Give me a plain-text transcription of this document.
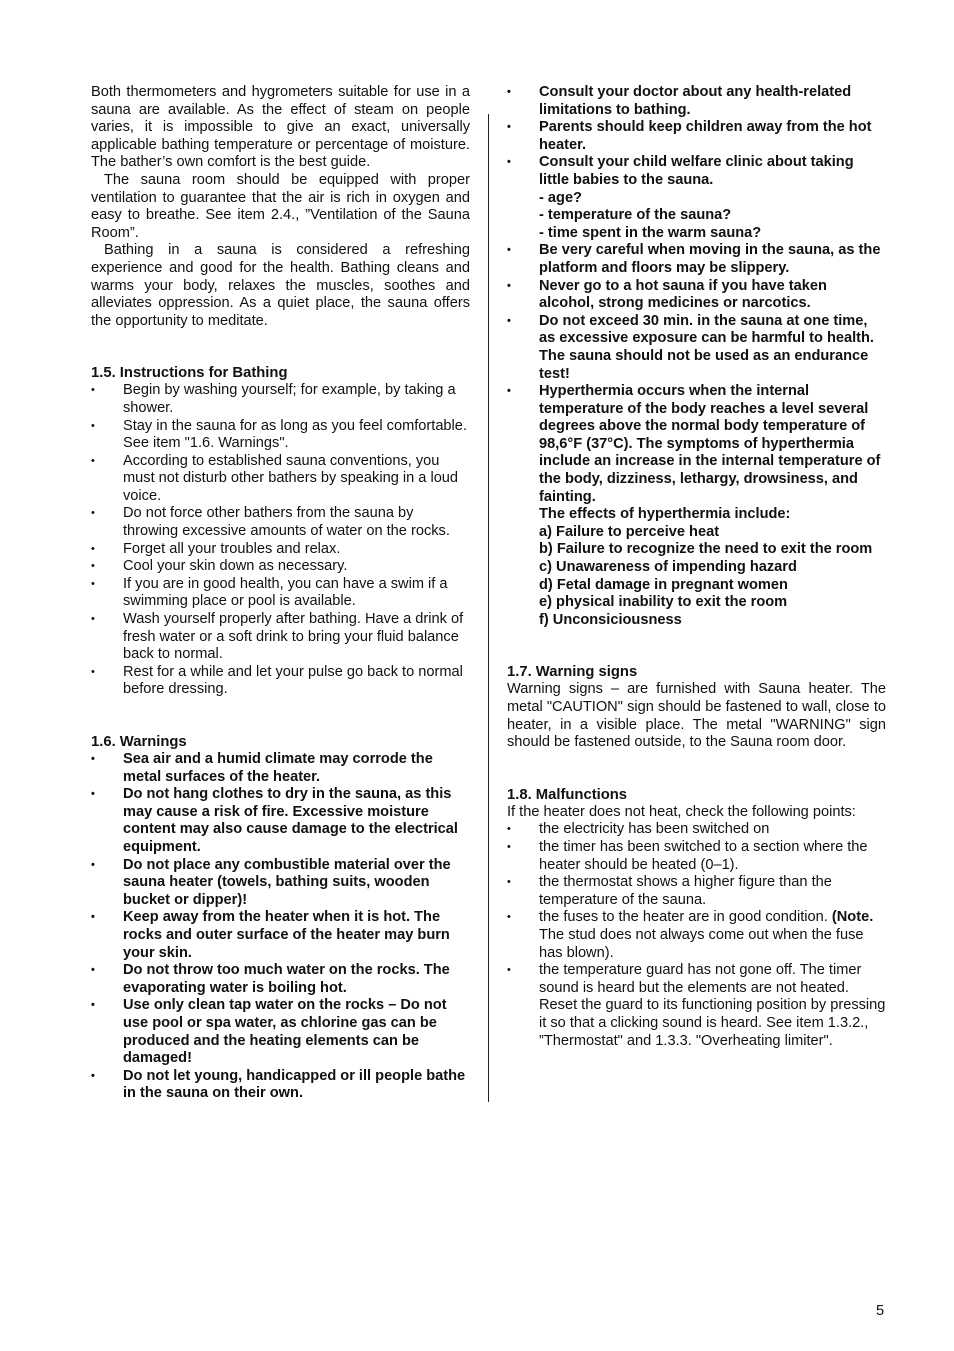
Both thermometers and hygrometers suitable for use in a sauna are available. As the effect of steam on people varies, it is impossible to give an exact, universally applicable bathing temperature or percentage of moisture. The bather’s own comfort is the best guide.

The sauna room should be equipped with proper ventilation to guarantee that the air is rich in oxygen and easy to breathe. See item 2.4., ”Ventilation of the Sauna Room”.

Bathing in a sauna is considered a refreshing experience and good for the health. Bathing cleans and warms your body, relaxes the muscles, soothes and alleviates oppression. As a quiet place, the sauna offers the opportunity to meditate.

1.5. Instructions for Bathing
• Begin by washing yourself; for example, by taking a shower.
• Stay in the sauna for as long as you feel comfortable. See item "1.6. Warnings".
• According to established sauna conventions, you must not disturb other bathers by speaking in a loud voice.
• Do not force other bathers from the sauna by throwing excessive amounts of water on the rocks.
• Forget all your troubles and relax.
• Cool your skin down as necessary.
• If you are in good health, you can have a swim if a swimming place or pool is available.
• Wash yourself properly after bathing. Have a drink of fresh water or a soft drink to bring your fluid balance back to normal.
• Rest for a while and let your pulse go back to normal before dressing.
1.6. Warnings
• Sea air and a humid climate may corrode the metal surfaces of the heater.
• Do not hang clothes to dry in the sauna, as this may cause a risk of fire. Excessive moisture content may also cause damage to the electrical equipment.
• Do not place any combustible material over the sauna heater (towels, bathing suits, wooden bucket or dipper)!
• Keep away from the heater when it is hot. The rocks and outer surface of the heater may burn your skin.
• Do not throw too much water on the rocks. The evaporating water is boiling hot.
• Use only clean tap water on the rocks – Do not use pool or spa water, as chlorine gas can be produced and the heating elements can be damaged!
• Do not let young, handicapped or ill people bathe in the sauna on their own.
• Consult your doctor about any health-related limitations to bathing.
• Parents should keep children away from the hot heater.
• Consult your child welfare clinic about taking little babies to the sauna.
- age?
- temperature of the sauna?
- time spent in the warm sauna?
• Be very careful when moving in the sauna, as the platform and floors may be slippery.
• Never go to a hot sauna if you have taken alcohol, strong medicines or narcotics.
• Do not exceed 30 min. in the sauna at one time, as excessive exposure can be harmful to health. The sauna should not be used as an endurance test!
• Hyperthermia occurs when the internal temperature of the body reaches a level several degrees above the normal body temperature of 98,6°F (37°C). The symptoms of hyperthermia include an increase in the internal temperature of the body, dizziness, lethargy, drowsiness, and fainting.
The effects of hyperthermia include:
a) Failure to perceive heat
b) Failure to recognize the need to exit the room
c) Unawareness of impending hazard
d) Fetal damage in pregnant women
e) physical inability to exit the room
f) Unconsiciousness
1.7. Warning signs

Warning signs – are furnished with Sauna heater. The metal "CAUTION" sign should be fastened to wall, close to heater, in a visible place. The metal "WARNING" sign should be fastened outside, to the Sauna room door.

1.8. Malfunctions

If the heater does not heat, check the following points:

• the electricity has been switched on
• the timer has been switched to a section where the heater should be heated (0–1).
• the thermostat shows a higher figure than the temperature of the sauna.
• the fuses to the heater are in good condition. (Note. The stud does not always come out when the fuse has blown).
• the temperature guard has not gone off. The timer sound is heard but the elements are not heated. Reset the guard to its functioning position by pressing it so that a clicking sound is heard. See item 1.3.2., ”Thermostat" and 1.3.3. "Overheating limiter".
5
